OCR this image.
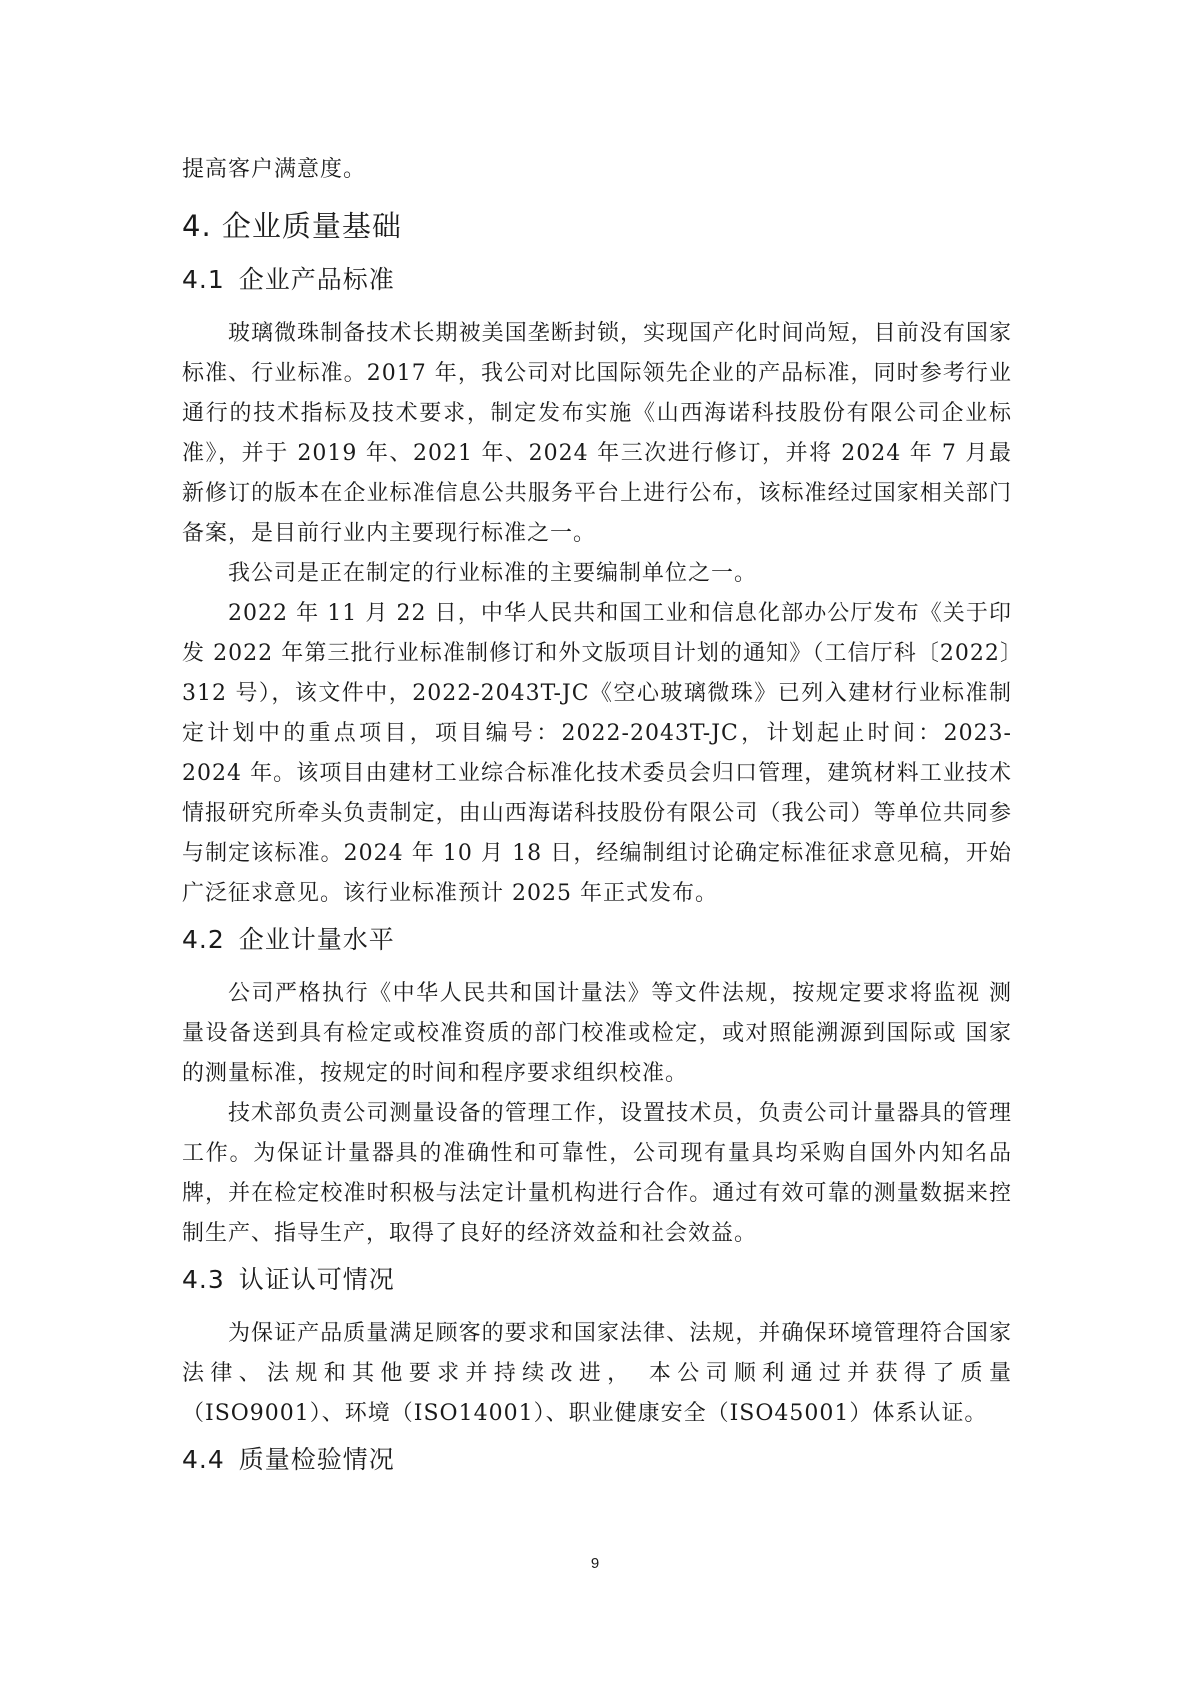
提高客户满意度。

4. 企业质量基础
4.1 企业产品标准

玻璃微珠制备技术长期被美国垄断封锁，实现国产化时间尚短，目前没有国家标准、行业标准。2017 年，我公司对比国际领先企业的产品标准，同时参考行业通行的技术指标及技术要求，制定发布实施《山西海诺科技股份有限公司企业标准》，并于 2019 年、2021 年、2024 年三次进行修订，并将 2024 年 7 月最新修订的版本在企业标准信息公共服务平台上进行公布，该标准经过国家相关部门备案，是目前行业内主要现行标准之一。

我公司是正在制定的行业标准的主要编制单位之一。

2022 年 11 月 22 日，中华人民共和国工业和信息化部办公厅发布《关于印发 2022 年第三批行业标准制修订和外文版项目计划的通知》（工信厅科〔2022〕312 号），该文件中，2022-2043T-JC《空心玻璃微珠》已列入建材行业标准制定计划中的重点项目，项目编号：2022-2043T-JC，计划起止时间：2023-2024 年。该项目由建材工业综合标准化技术委员会归口管理，建筑材料工业技术情报研究所牵头负责制定，由山西海诺科技股份有限公司（我公司）等单位共同参与制定该标准。2024 年 10 月 18 日，经编制组讨论确定标准征求意见稿，开始广泛征求意见。该行业标准预计 2025 年正式发布。

4.2 企业计量水平

公司严格执行《中华人民共和国计量法》等文件法规，按规定要求将监视 测量设备送到具有检定或校准资质的部门校准或检定，或对照能溯源到国际或 国家的测量标准，按规定的时间和程序要求组织校准。

技术部负责公司测量设备的管理工作，设置技术员，负责公司计量器具的管理工作。为保证计量器具的准确性和可靠性，公司现有量具均采购自国外内知名品牌，并在检定校准时积极与法定计量机构进行合作。通过有效可靠的测量数据来控制生产、指导生产，取得了良好的经济效益和社会效益。

4.3 认证认可情况

为保证产品质量满足顾客的要求和国家法律、法规，并确保环境管理符合国家法律、法规和其他要求并持续改进， 本公司顺利通过并获得了质量（ISO9001）、环境（ISO14001）、职业健康安全（ISO45001）体系认证。

4.4 质量检验情况
9
